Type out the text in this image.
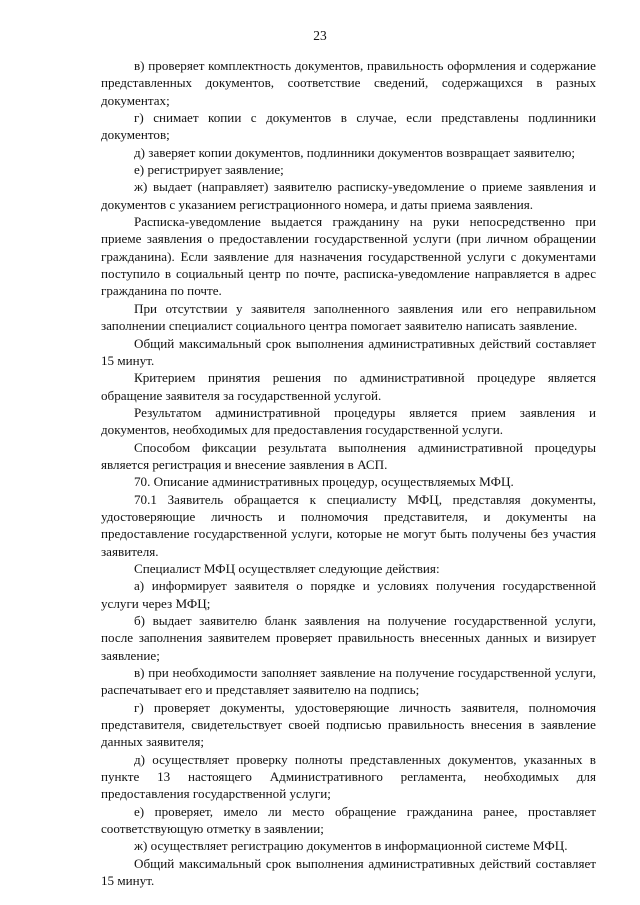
23

в) проверяет комплектность документов, правильность оформления и содержание представленных документов, соответствие сведений, содержащихся в разных документах;

г) снимает копии с документов в случае, если представлены подлинники документов;

д) заверяет копии документов, подлинники документов возвращает заявителю;

е) регистрирует заявление;

ж) выдает (направляет) заявителю расписку-уведомление о приеме заявления и документов с указанием регистрационного номера, и даты приема заявления.

Расписка-уведомление выдается гражданину на руки непосредственно при приеме заявления о предоставлении государственной услуги (при личном обращении гражданина). Если заявление для назначения государственной услуги с документами поступило в социальный центр по почте, расписка-уведомление направляется в адрес гражданина по почте.

При отсутствии у заявителя заполненного заявления или его неправильном заполнении специалист социального центра помогает заявителю написать заявление.

Общий максимальный срок выполнения административных действий составляет 15 минут.

Критерием принятия решения по административной процедуре является обращение заявителя за государственной услугой.

Результатом административной процедуры является прием заявления и документов, необходимых для предоставления государственной услуги.

Способом фиксации результата выполнения административной процедуры является регистрация и внесение заявления в АСП.

70. Описание административных процедур, осуществляемых МФЦ.

70.1 Заявитель обращается к специалисту МФЦ, представляя документы, удостоверяющие личность и полномочия представителя, и документы на предоставление государственной услуги, которые не могут быть получены без участия заявителя.

Специалист МФЦ осуществляет следующие действия:

а) информирует заявителя о порядке и условиях получения государственной услуги через МФЦ;

б) выдает заявителю бланк заявления на получение государственной услуги, после заполнения заявителем проверяет правильность внесенных данных и визирует заявление;

в) при необходимости заполняет заявление на получение государственной услуги, распечатывает его и представляет заявителю на подпись;

г) проверяет документы, удостоверяющие личность заявителя, полномочия представителя, свидетельствует своей подписью правильность внесения в заявление данных заявителя;

д) осуществляет проверку полноты представленных документов, указанных в пункте 13 настоящего Административного регламента, необходимых для предоставления государственной услуги;

е) проверяет, имело ли место обращение гражданина ранее, проставляет соответствующую отметку в заявлении;

ж) осуществляет регистрацию документов в информационной системе МФЦ.

Общий максимальный срок выполнения административных действий составляет 15 минут.
